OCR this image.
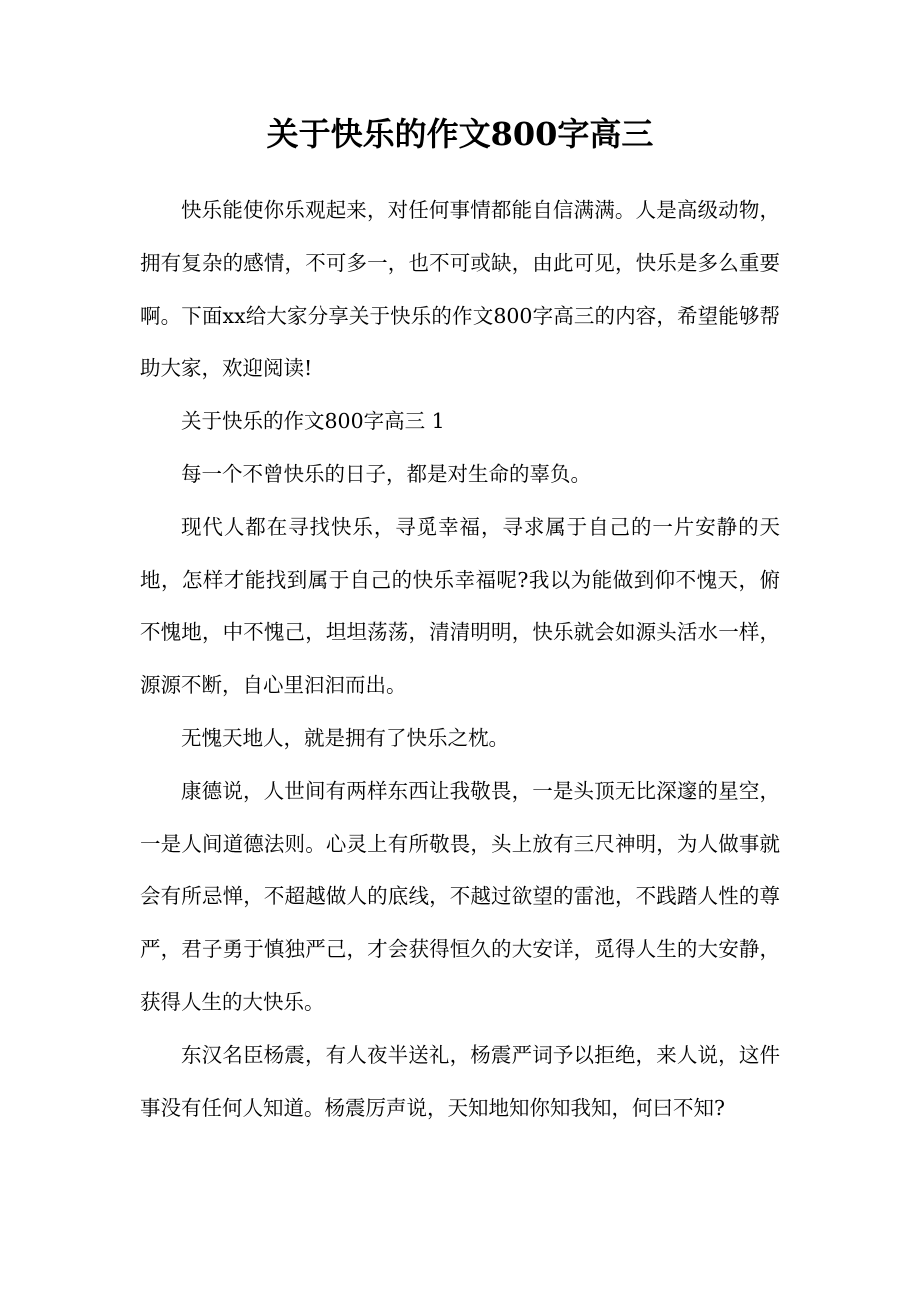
关于快乐的作文800字高三

快乐能使你乐观起来，对任何事情都能自信满满。人是高级动物，拥有复杂的感情，不可多一，也不可或缺，由此可见，快乐是多么重要啊。下面xx给大家分享关于快乐的作文800字高三的内容，希望能够帮助大家，欢迎阅读!

关于快乐的作文800字高三 1

每一个不曾快乐的日子，都是对生命的辜负。

现代人都在寻找快乐，寻觅幸福，寻求属于自己的一片安静的天地，怎样才能找到属于自己的快乐幸福呢?我以为能做到仰不愧天，俯不愧地，中不愧己，坦坦荡荡，清清明明，快乐就会如源头活水一样，源源不断，自心里汩汩而出。

无愧天地人，就是拥有了快乐之枕。

康德说，人世间有两样东西让我敬畏，一是头顶无比深邃的星空，一是人间道德法则。心灵上有所敬畏，头上放有三尺神明，为人做事就会有所忌惮，不超越做人的底线，不越过欲望的雷池，不践踏人性的尊严，君子勇于慎独严己，才会获得恒久的大安详，觅得人生的大安静，获得人生的大快乐。

东汉名臣杨震，有人夜半送礼，杨震严词予以拒绝，来人说，这件事没有任何人知道。杨震厉声说，天知地知你知我知，何曰不知?
